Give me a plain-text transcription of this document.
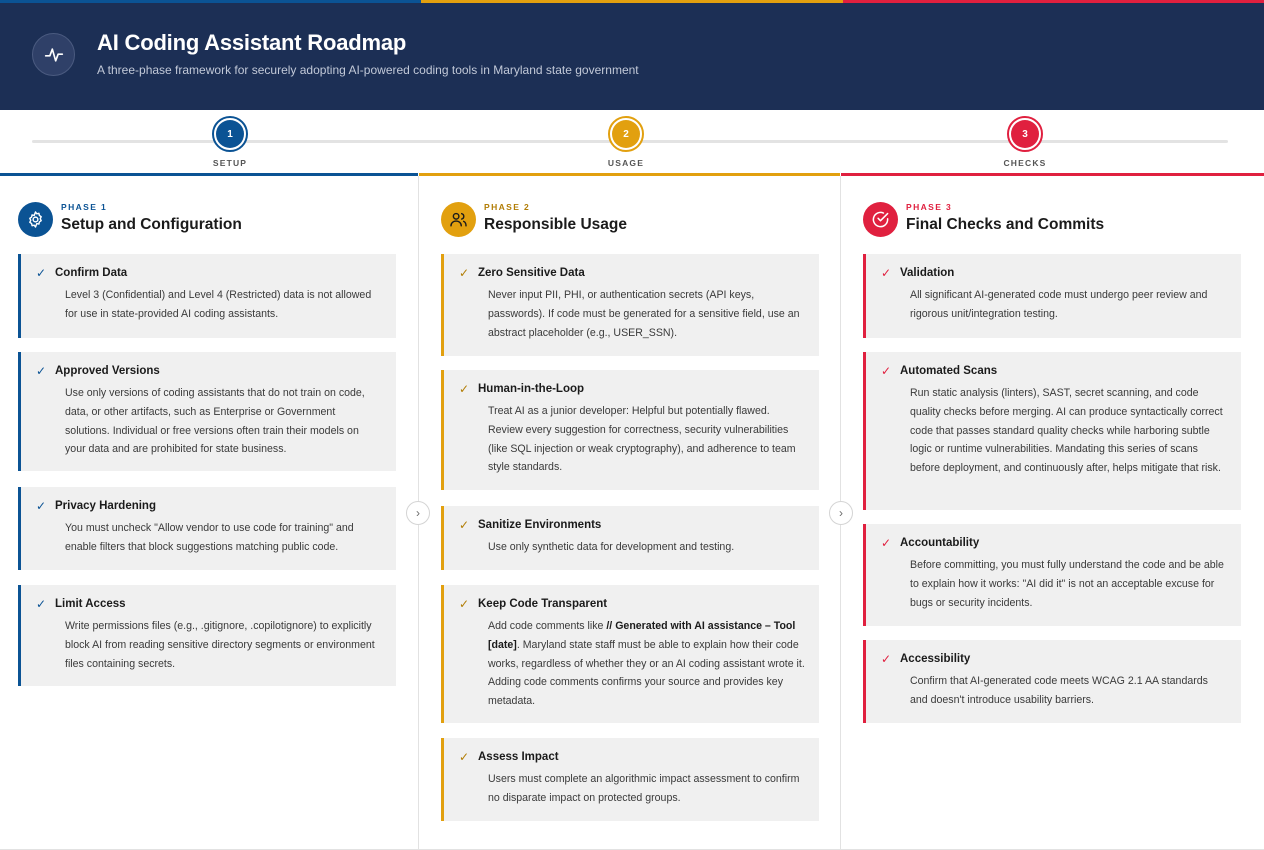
AI Coding Assistant Roadmap
A three-phase framework for securely adopting AI-powered coding tools in Maryland state government
1
SETUP
2
USAGE
3
CHECKS
PHASE 1
Setup and Configuration
✓ Confirm Data
Level 3 (Confidential) and Level 4 (Restricted) data is not allowed for use in state-provided AI coding assistants.
✓ Approved Versions
Use only versions of coding assistants that do not train on code, data, or other artifacts, such as Enterprise or Government solutions. Individual or free versions often train their models on your data and are prohibited for state business.
✓ Privacy Hardening
You must uncheck "Allow vendor to use code for training" and enable filters that block suggestions matching public code.
✓ Limit Access
Write permissions files (e.g., .gitignore, .copilotignore) to explicitly block AI from reading sensitive directory segments or environment files containing secrets.
PHASE 2
Responsible Usage
✓ Zero Sensitive Data
Never input PII, PHI, or authentication secrets (API keys, passwords). If code must be generated for a sensitive field, use an abstract placeholder (e.g., USER_SSN).
✓ Human-in-the-Loop
Treat AI as a junior developer: Helpful but potentially flawed. Review every suggestion for correctness, security vulnerabilities (like SQL injection or weak cryptography), and adherence to team style standards.
✓ Sanitize Environments
Use only synthetic data for development and testing.
✓ Keep Code Transparent
Add code comments like // Generated with AI assistance – Tool [date]. Maryland state staff must be able to explain how their code works, regardless of whether they or an AI coding assistant wrote it. Adding code comments confirms your source and provides key metadata.
✓ Assess Impact
Users must complete an algorithmic impact assessment to confirm no disparate impact on protected groups.
PHASE 3
Final Checks and Commits
✓ Validation
All significant AI-generated code must undergo peer review and rigorous unit/integration testing.
✓ Automated Scans
Run static analysis (linters), SAST, secret scanning, and code quality checks before merging. AI can produce syntactically correct code that passes standard quality checks while harboring subtle logic or runtime vulnerabilities. Mandating this series of scans before deployment, and continuously after, helps mitigate that risk.
✓ Accountability
Before committing, you must fully understand the code and be able to explain how it works: "AI did it" is not an acceptable excuse for bugs or security incidents.
✓ Accessibility
Confirm that AI-generated code meets WCAG 2.1 AA standards and doesn't introduce usability barriers.
›	›
